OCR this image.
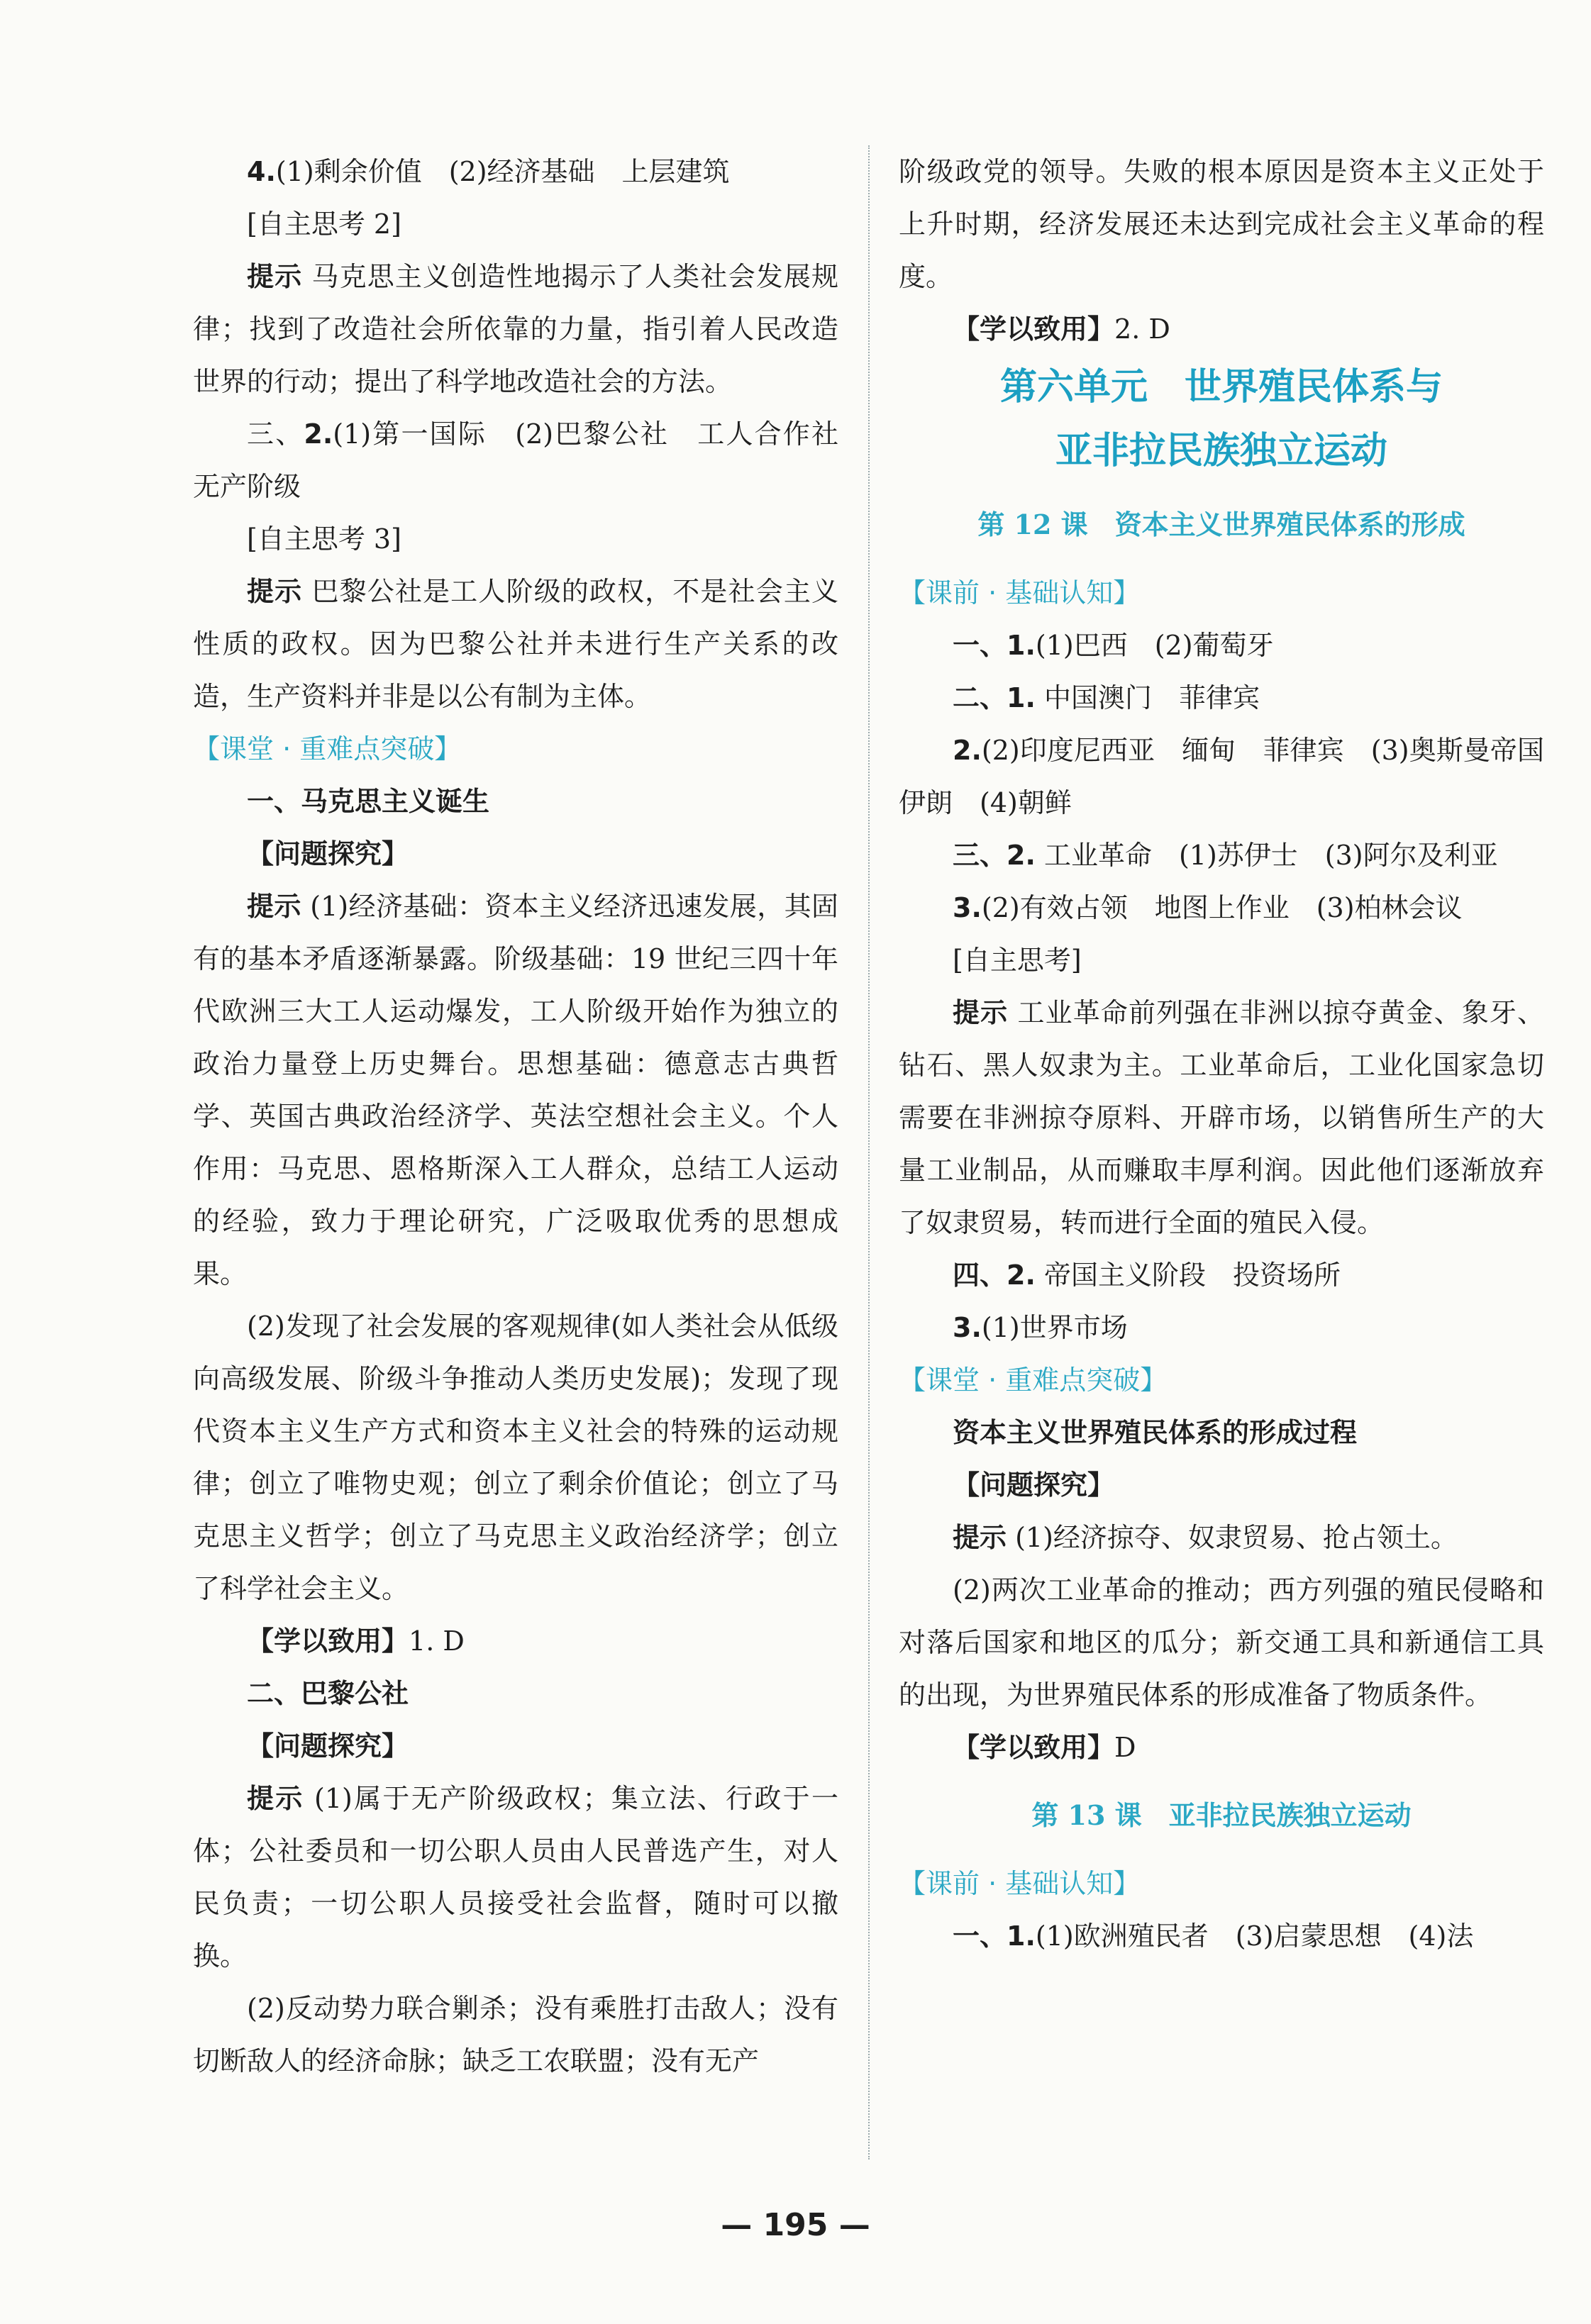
4.(1)剩余价值　(2)经济基础　上层建筑

[自主思考 2]

提示 马克思主义创造性地揭示了人类社会发展规律；找到了改造社会所依靠的力量，指引着人民改造世界的行动；提出了科学地改造社会的方法。

三、2.(1)第一国际　(2)巴黎公社　工人合作社　无产阶级

[自主思考 3]

提示 巴黎公社是工人阶级的政权，不是社会主义性质的政权。因为巴黎公社并未进行生产关系的改造，生产资料并非是以公有制为主体。

【课堂 · 重难点突破】

一、马克思主义诞生

【问题探究】

提示 (1)经济基础：资本主义经济迅速发展，其固有的基本矛盾逐渐暴露。阶级基础：19 世纪三四十年代欧洲三大工人运动爆发，工人阶级开始作为独立的政治力量登上历史舞台。思想基础：德意志古典哲学、英国古典政治经济学、英法空想社会主义。个人作用：马克思、恩格斯深入工人群众，总结工人运动的经验，致力于理论研究，广泛吸取优秀的思想成果。

(2)发现了社会发展的客观规律(如人类社会从低级向高级发展、阶级斗争推动人类历史发展)；发现了现代资本主义生产方式和资本主义社会的特殊的运动规律；创立了唯物史观；创立了剩余价值论；创立了马克思主义哲学；创立了马克思主义政治经济学；创立了科学社会主义。

【学以致用】1. D

二、巴黎公社

【问题探究】

提示 (1)属于无产阶级政权；集立法、行政于一体；公社委员和一切公职人员由人民普选产生，对人民负责；一切公职人员接受社会监督，随时可以撤换。

(2)反动势力联合剿杀；没有乘胜打击敌人；没有切断敌人的经济命脉；缺乏工农联盟；没有无产

阶级政党的领导。失败的根本原因是资本主义正处于上升时期，经济发展还未达到完成社会主义革命的程度。

【学以致用】2. D

第六单元　世界殖民体系与

亚非拉民族独立运动

第 12 课　资本主义世界殖民体系的形成

【课前 · 基础认知】

一、1.(1)巴西　(2)葡萄牙

二、1. 中国澳门　菲律宾

2.(2)印度尼西亚　缅甸　菲律宾　(3)奥斯曼帝国　伊朗　(4)朝鲜

三、2. 工业革命　(1)苏伊士　(3)阿尔及利亚

3.(2)有效占领　地图上作业　(3)柏林会议

[自主思考]

提示 工业革命前列强在非洲以掠夺黄金、象牙、钻石、黑人奴隶为主。工业革命后，工业化国家急切需要在非洲掠夺原料、开辟市场，以销售所生产的大量工业制品，从而赚取丰厚利润。因此他们逐渐放弃了奴隶贸易，转而进行全面的殖民入侵。

四、2. 帝国主义阶段　投资场所

3.(1)世界市场

【课堂 · 重难点突破】

资本主义世界殖民体系的形成过程

【问题探究】

提示 (1)经济掠夺、奴隶贸易、抢占领土。

(2)两次工业革命的推动；西方列强的殖民侵略和对落后国家和地区的瓜分；新交通工具和新通信工具的出现，为世界殖民体系的形成准备了物质条件。

【学以致用】D

第 13 课　亚非拉民族独立运动

【课前 · 基础认知】

一、1.(1)欧洲殖民者　(3)启蒙思想　(4)法

— 195 —
